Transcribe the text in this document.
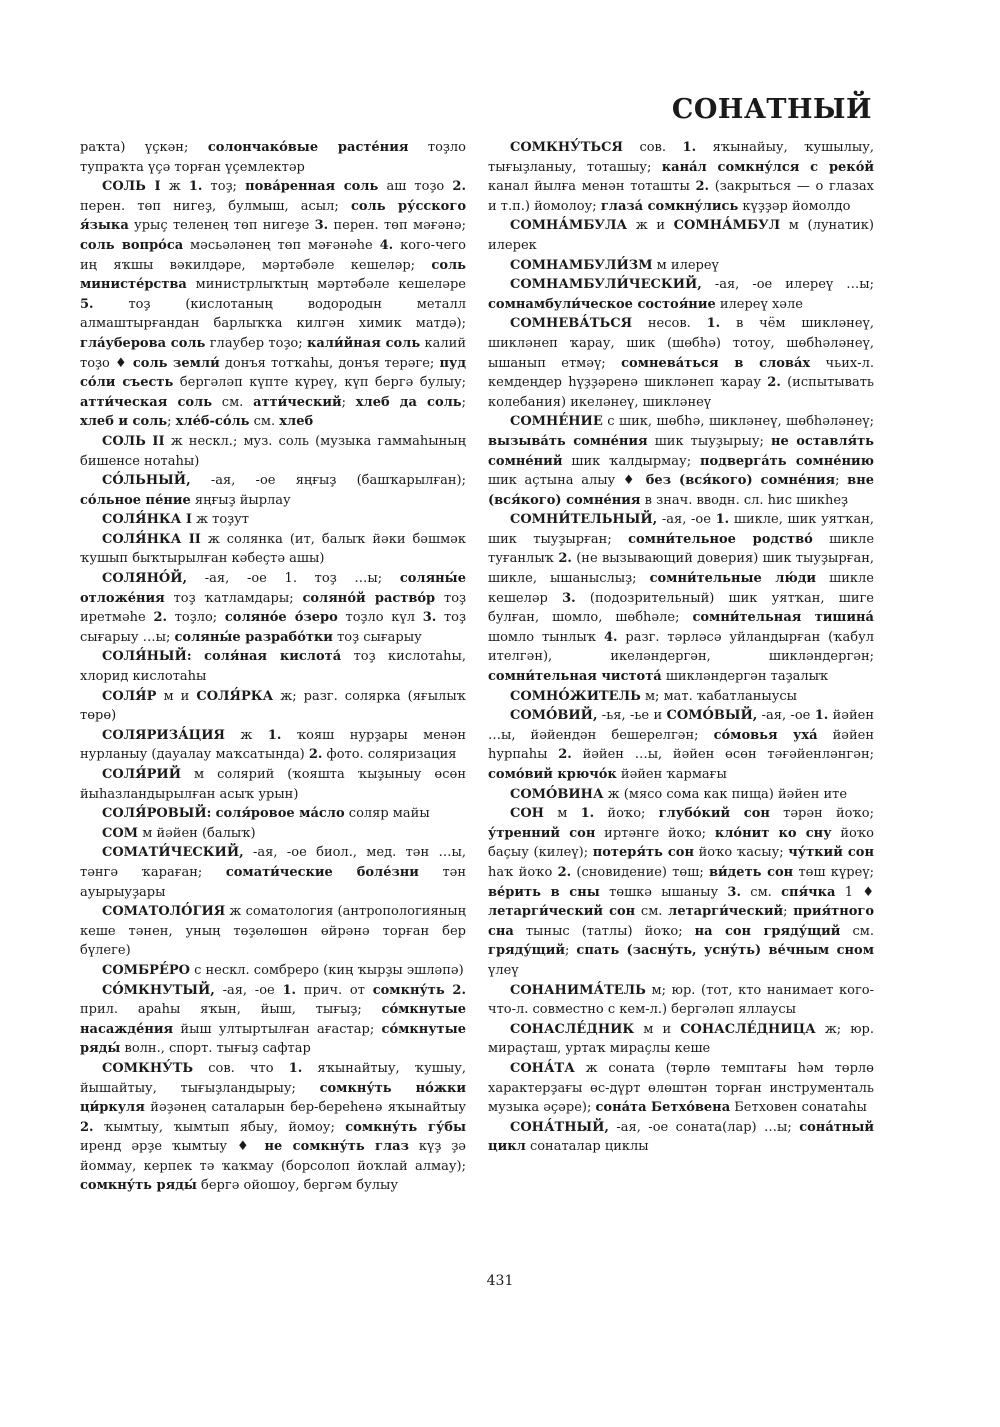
СОНАТНЫЙ

раҡта) үҫкән; солончако́вые расте́ния тоҙло тупраҡта үҫә торған үҫемлектәр

СОЛЬ I ж 1. тоҙ; пова́ренная соль аш тоҙо 2. перен. төп нигеҙ, булмыш, асыл; соль ру́сского я́зыка урыҫ теленең төп нигеҙе 3. перен. төп мәғәнә; соль вопро́са мәсьәләнең төп мәғәнәһе 4. кого-чего иң яҡшы вәкилдәре, мәртәбәле кешеләр; соль министе́рства министрлыҡтың мәртәбәле кешеләре 5. тоҙ (кислотаның водородын металл алмаштырғандан барлыҡҡа килгән химик матдә); гла́уберова соль глаубер тоҙо; кали́йная соль калий тоҙо ♦ соль земли́ донъя тотҡаһы, донъя терәге; пуд со́ли съесть бергәләп күпте күреү, күп бергә булыу; атти́ческая соль см. атти́ческий; хлеб да соль; хлеб и соль; хле́б-со́ль см. хлеб

СОЛЬ II ж нескл.; муз. соль (музыка гаммаһының бишенсе нотаһы)

СО́ЛЬНЫЙ, -ая, -ое яңғыҙ (башҡарылған); со́льное пе́ние яңғыҙ йырлау

СОЛЯ́НКА I ж тоҙут

СОЛЯ́НКА II ж солянка (ит, балыҡ йәки бәшмәк ҡушып быҡтырылған кәбеҫтә ашы)

СОЛЯНО́Й, -ая, -ое 1. тоҙ …ы; соляны́е отложе́ния тоҙ ҡатламдары; соляно́й раство́р тоҙ иретмәһе 2. тоҙло; соляно́е о́зеро тоҙло күл 3. тоҙ сығарыу …ы; соляны́е разрабо́тки тоҙ сығарыу

СОЛЯ́НЫЙ: соля́ная кислота́ тоҙ кислотаһы, хлорид кислотаһы

СОЛЯ́Р м и СОЛЯ́РКА ж; разг. солярка (яғылыҡ төрө)

СОЛЯРИЗА́ЦИЯ ж 1. ҡояш нурҙары менән нурланыу (дауалау маҡсатында) 2. фото. соляризация

СОЛЯ́РИЙ м солярий (ҡояшта ҡыҙыныу өсөн йыһазландырылған асыҡ урын)

СОЛЯ́РОВЫЙ: соля́ровое ма́сло соляр майы

СОМ м йәйен (балыҡ)

СОМАТИ́ЧЕСКИЙ, -ая, -ое биол., мед. тән …ы, тәнгә ҡараған; сомати́ческие боле́зни тән ауырыуҙары

СОМАТОЛО́ГИЯ ж соматология (антропологияның кеше тәнен, уның төҙөлөшөн өйрәнә торған бер бүлеге)

СОМБРЕ́РО с нескл. сомбреро (киң ҡырҙы эшләпә)

СО́МКНУТЫЙ, -ая, -ое 1. прич. от сомкну́ть 2. прил. араһы яҡын, йыш, тығыҙ; со́мкнутые насажде́ния йыш ултыртылған ағастар; со́мкнутые ряды́ волн., спорт. тығыҙ сафтар

СОМКНУ́ТЬ сов. что 1. яҡынайтыу, ҡушыу, йышайтыу, тығыҙландырыу; сомкну́ть но́жки ци́ркуля йәҙәнең саталарын бер-береһенә яҡынайтыу 2. ҡымтыу, ҡымтып ябыу, йомоу; сомкну́ть гу́бы иренд әрҙе ҡымтыу ♦ не сомкну́ть глаз күҙ ҙә йоммау, керпек тә ҡаҡмау (борсолоп йоҡлай алмау); сомкну́ть ряды́ бергә ойошоу, бергәм булыу

СОМКНУ́ТЬСЯ сов. 1. яҡынайыу, ҡушылыу, тығыҙланыу, тоташыу; кана́л сомкну́лся с реко́й канал йылға менән тоташты 2. (закрыться — о глазах и т.п.) йомолоу; глаза́ сомкну́лись күҙҙәр йомолдо

СОМНА́МБУЛА ж и СОМНА́МБУЛ м (лунатик) илерек

СОМНАМБУЛИ́ЗМ м илереү

СОМНАМБУЛИ́ЧЕСКИЙ, -ая, -ое илереү …ы; сомнамбули́ческое состоя́ние илереү хәле

СОМНЕВА́ТЬСЯ несов. 1. в чём шикләнеү, шикләнеп ҡарау, шик (шөбһә) тотоу, шөбһәләнеү, ышанып етмәү; сомнева́ться в слова́х чьих-л. кемдеңдер һүҙҙәренә шикләнеп ҡарау 2. (испытывать колебания) икеләнеү, шикләнеү

СОМНЕ́НИЕ с шик, шөбһә, шикләнеү, шөбһәләнеү; вызыва́ть сомне́ния шик тыуҙырыу; не оставля́ть сомне́ний шик ҡалдырмау; подверга́ть сомне́нию шик аҫтына алыу ♦ без (вся́кого) сомне́ния; вне (вся́кого) сомне́ния в знач. вводн. сл. һис шикһеҙ

СОМНИ́ТЕЛЬНЫЙ, -ая, -ое 1. шикле, шик уятҡан, шик тыуҙырған; сомни́тельное родство́ шикле туғанлыҡ 2. (не вызывающий доверия) шик тыуҙырған, шикле, ышаныслыҙ; сомни́тельные лю́ди шикле кешеләр 3. (подозрительный) шик уятҡан, шиге булған, шомло, шөбһәле; сомни́тельная тишина́ шомло тынлыҡ 4. разг. тәрләсә уйландырған (ҡабул ителгән), икеләндергән, шикләндергән; сомни́тельная чистота́ шикләндергән таҙалыҡ

СОМНО́ЖИТЕЛЬ м; мат. ҡабатланыусы

СОМО́ВИЙ, -ья, -ье и СОМО́ВЫЙ, -ая, -ое 1. йәйен …ы, йәйендән бешерелгән; со́мовья уха́ йәйен һурпаһы 2. йәйен …ы, йәйен өсөн тәғәйенләнгән; сомо́вий крючо́к йәйен ҡармағы

СОМО́ВИНА ж (мясо сома как пища) йәйен ите

СОН м 1. йоҡо; глубо́кий сон тәрән йоҡо; у́тренний сон иртәнге йоҡо; кло́нит ко сну йоҡо баҫыу (килеү); потеря́ть сон йоҡо ҡасыу; чу́ткий сон һаҡ йоҡо 2. (сновидение) төш; ви́деть сон төш күреү; ве́рить в сны төшкә ышаныу 3. см. спя́чка 1 ♦ летарги́ческий сон см. летарги́ческий; прия́тного сна тыныс (татлы) йоҡо; на сон гряду́щий см. гряду́щий; спать (засну́ть, усну́ть) ве́чным сном үлеү

СОНАНИМА́ТЕЛЬ м; юр. (тот, кто нанимает кого-что-л. совместно с кем-л.) бергәләп яллаусы

СОНАСЛЕ́ДНИК м и СОНАСЛЕ́ДНИЦА ж; юр. мираҫташ, уртаҡ мираҫлы кеше

СОНА́ТА ж соната (төрлө темптағы һәм төрлө характерҙағы өс-дүрт өлөштән торған инструменталь музыка әҫәре); сона́та Бетхо́вена Бетховен сонатаһы

СОНА́ТНЫЙ, -ая, -ое соната(лар) …ы; сона́тный цикл сонаталар циклы

431
